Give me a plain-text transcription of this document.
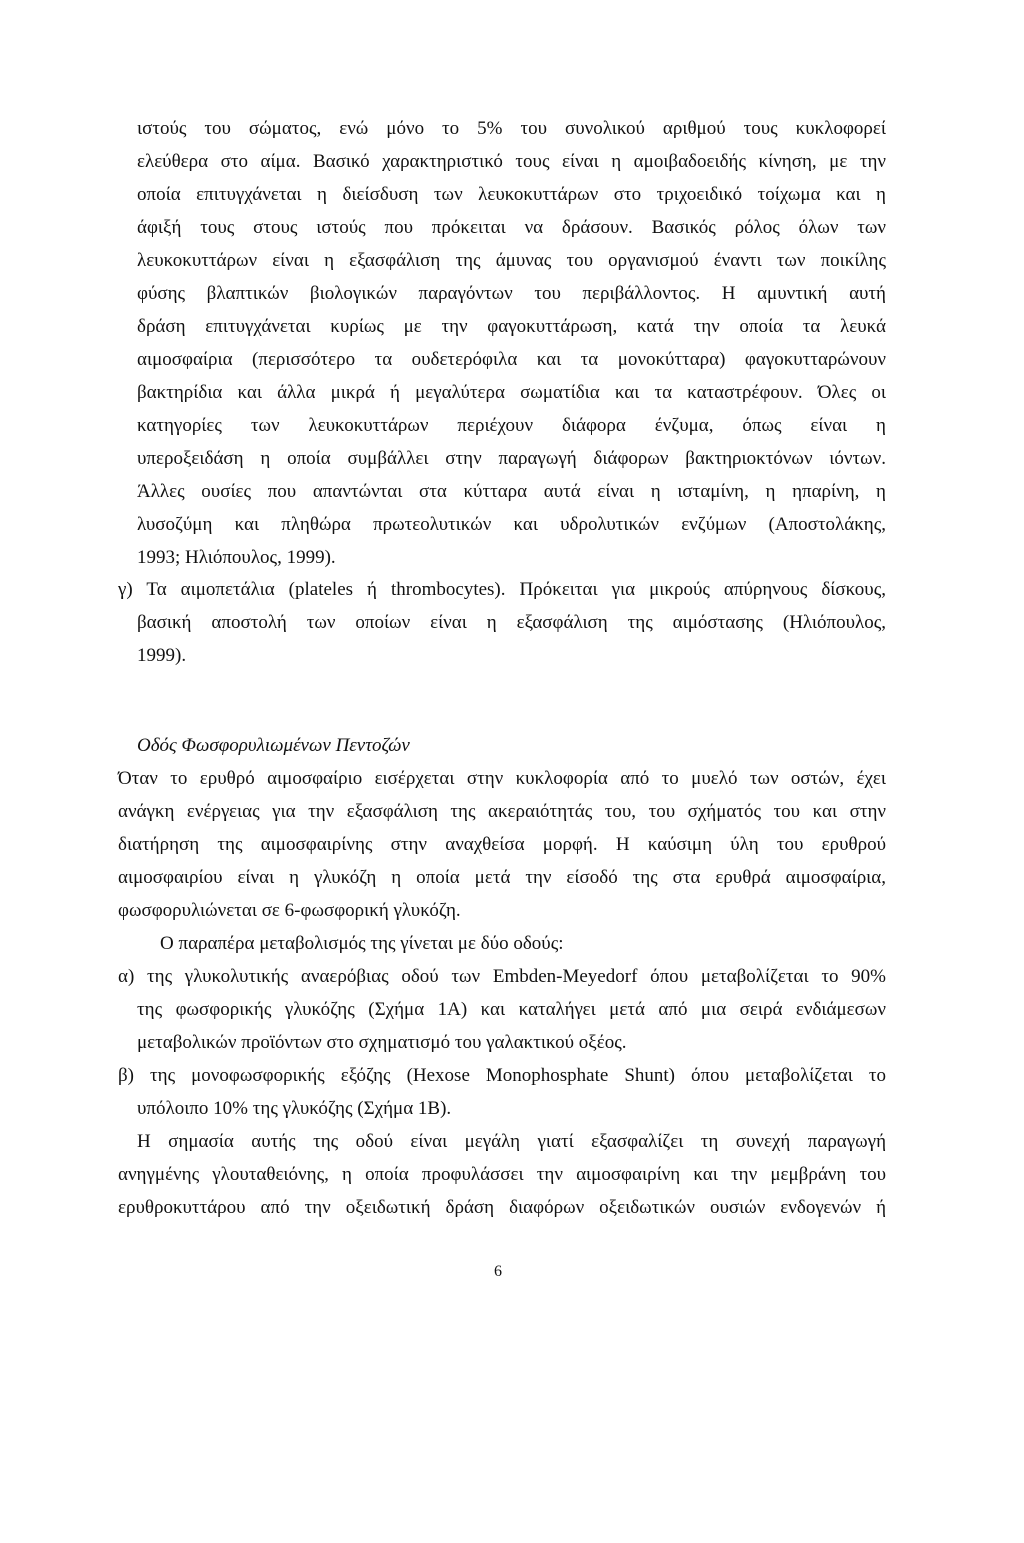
ιστούς του σώματος, ενώ μόνο το 5% του συνολικού αριθμού τους κυκλοφορεί
ελεύθερα στο αίμα. Βασικό χαρακτηριστικό τους είναι η αμοιβαδοειδής κίνηση, με την
οποία επιτυγχάνεται η διείσδυση των λευκοκυττάρων στο τριχοειδικό τοίχωμα και η
άφιξή τους στους ιστούς που πρόκειται να δράσουν. Βασικός ρόλος όλων των
λευκοκυττάρων είναι η εξασφάλιση της άμυνας του οργανισμού έναντι των ποικίλης
φύσης βλαπτικών βιολογικών παραγόντων του περιβάλλοντος. Η αμυντική αυτή
δράση επιτυγχάνεται κυρίως με την φαγοκυττάρωση, κατά την οποία τα λευκά
αιμοσφαίρια (περισσότερο τα ουδετερόφιλα και τα μονοκύτταρα) φαγοκυτταρώνουν
βακτηρίδια και άλλα μικρά ή μεγαλύτερα σωματίδια και τα καταστρέφουν. Όλες οι
κατηγορίες των λευκοκυττάρων περιέχουν διάφορα ένζυμα, όπως είναι η
υπεροξειδάση η οποία συμβάλλει στην παραγωγή διάφορων βακτηριοκτόνων ιόντων.
Άλλες ουσίες που απαντώνται στα κύτταρα αυτά είναι η ισταμίνη, η ηπαρίνη, η
λυσοζύμη και πληθώρα πρωτεολυτικών και υδρολυτικών ενζύμων (Αποστολάκης,
1993; Ηλιόπουλος, 1999).
γ) Τα αιμοπετάλια (plateles ή thrombocytes). Πρόκειται για μικρούς απύρηνους δίσκους,
βασική αποστολή των οποίων είναι η εξασφάλιση της αιμόστασης (Ηλιόπουλος,
1999).
Οδός Φωσφορυλιωμένων Πεντοζών
Όταν το ερυθρό αιμοσφαίριο εισέρχεται στην κυκλοφορία από το μυελό των οστών, έχει
ανάγκη ενέργειας για την εξασφάλιση της ακεραιότητάς του, του σχήματός του και στην
διατήρηση της αιμοσφαιρίνης στην αναχθείσα μορφή. Η καύσιμη ύλη του ερυθρού
αιμοσφαιρίου είναι η γλυκόζη η οποία μετά την είσοδό της στα ερυθρά αιμοσφαίρια,
φωσφορυλιώνεται σε 6-φωσφορική γλυκόζη.
Ο παραπέρα μεταβολισμός της γίνεται με δύο οδούς:
α) της γλυκολυτικής αναερόβιας οδού των Embden-Meyedorf όπου μεταβολίζεται το 90%
της φωσφορικής γλυκόζης (Σχήμα 1Α) και καταλήγει μετά από μια σειρά ενδιάμεσων
μεταβολικών προϊόντων στο σχηματισμό του γαλακτικού οξέος.
β) της μονοφωσφορικής εξόζης (Hexose Monophosphate Shunt) όπου μεταβολίζεται το
υπόλοιπο 10% της γλυκόζης (Σχήμα 1Β).
Η σημασία αυτής της οδού είναι μεγάλη γιατί εξασφαλίζει τη συνεχή παραγωγή
ανηγμένης γλουταθειόνης, η οποία προφυλάσσει την αιμοσφαιρίνη και την μεμβράνη του
ερυθροκυττάρου από την οξειδωτική δράση διαφόρων οξειδωτικών ουσιών ενδογενών ή
6
